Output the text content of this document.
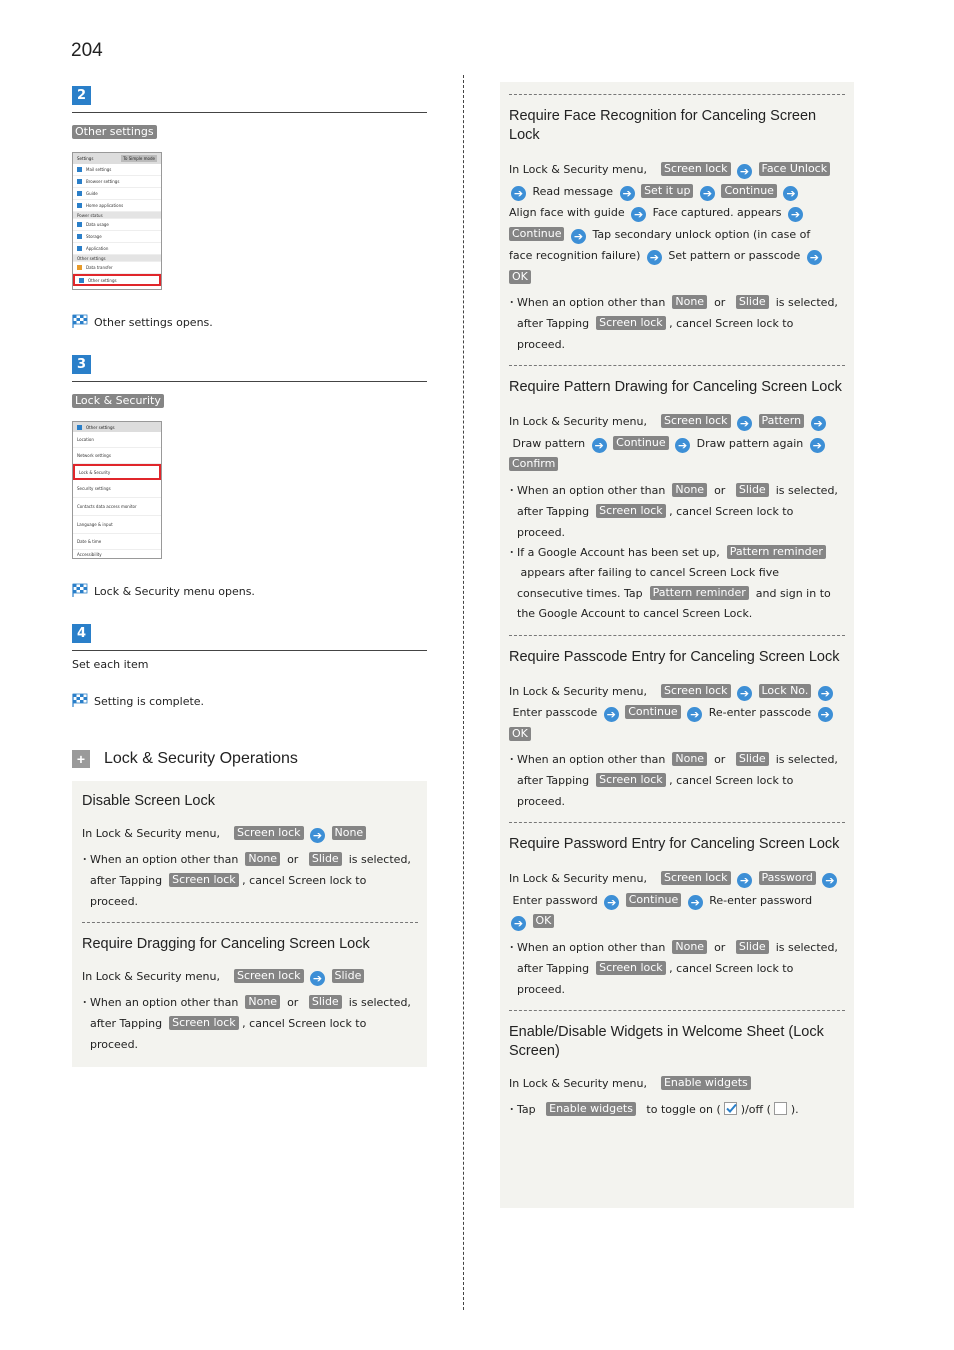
204
2
Other settings
Settings	To Simple mode
Mail settings
Browser settings
Guide
Home applications
Power status
Data usage
Storage
Application
Other settings
Data transfer
Other settings
Other settings opens.
3
Lock & Security
Other settings
Location
Network settings
Lock & Security
Security settings
Contacts data access monitor
Language & input
Date & time
Accessibility
Lock & Security menu opens.
4
Set each item
Setting is complete.
+	Lock & Security Operations
Disable Screen Lock
In Lock & Security menu, Screen lock ➔ None
･ When an option other than None or Slide is selected,
after Tapping Screen lock , cancel Screen lock to
proceed.
Require Dragging for Canceling Screen Lock
In Lock & Security menu, Screen lock ➔ Slide
･ When an option other than None or Slide is selected,
after Tapping Screen lock , cancel Screen lock to
proceed.
Require Face Recognition for Canceling Screen Lock
In Lock & Security menu, Screen lock ➔ Face Unlock
➔ Read message ➔ Set it up ➔ Continue ➔
Align face with guide ➔ Face captured. appears ➔
Continue ➔ Tap secondary unlock option (in case of
face recognition failure) ➔ Set pattern or passcode ➔
OK
･ When an option other than None or Slide is selected,
after Tapping Screen lock , cancel Screen lock to
proceed.
Require Pattern Drawing for Canceling Screen Lock
In Lock & Security menu, Screen lock ➔ Pattern ➔
Draw pattern ➔ Continue ➔ Draw pattern again ➔
Confirm
･ When an option other than None or Slide is selected,
after Tapping Screen lock , cancel Screen lock to
proceed.
･ If a Google Account has been set up, Pattern reminder
appears after failing to cancel Screen Lock five
consecutive times. Tap Pattern reminder and sign in to
the Google Account to cancel Screen Lock.
Require Passcode Entry for Canceling Screen Lock
In Lock & Security menu, Screen lock ➔ Lock No. ➔
Enter passcode ➔ Continue ➔ Re-enter passcode ➔
OK
･ When an option other than None or Slide is selected,
after Tapping Screen lock , cancel Screen lock to
proceed.
Require Password Entry for Canceling Screen Lock
In Lock & Security menu, Screen lock ➔ Password ➔
Enter password ➔ Continue ➔ Re-enter password
➔ OK
･ When an option other than None or Slide is selected,
after Tapping Screen lock , cancel Screen lock to
proceed.
Enable/Disable Widgets in Welcome Sheet (Lock Screen)
In Lock & Security menu, Enable widgets
･ Tap Enable widgets to toggle on ( )/off ( ).
